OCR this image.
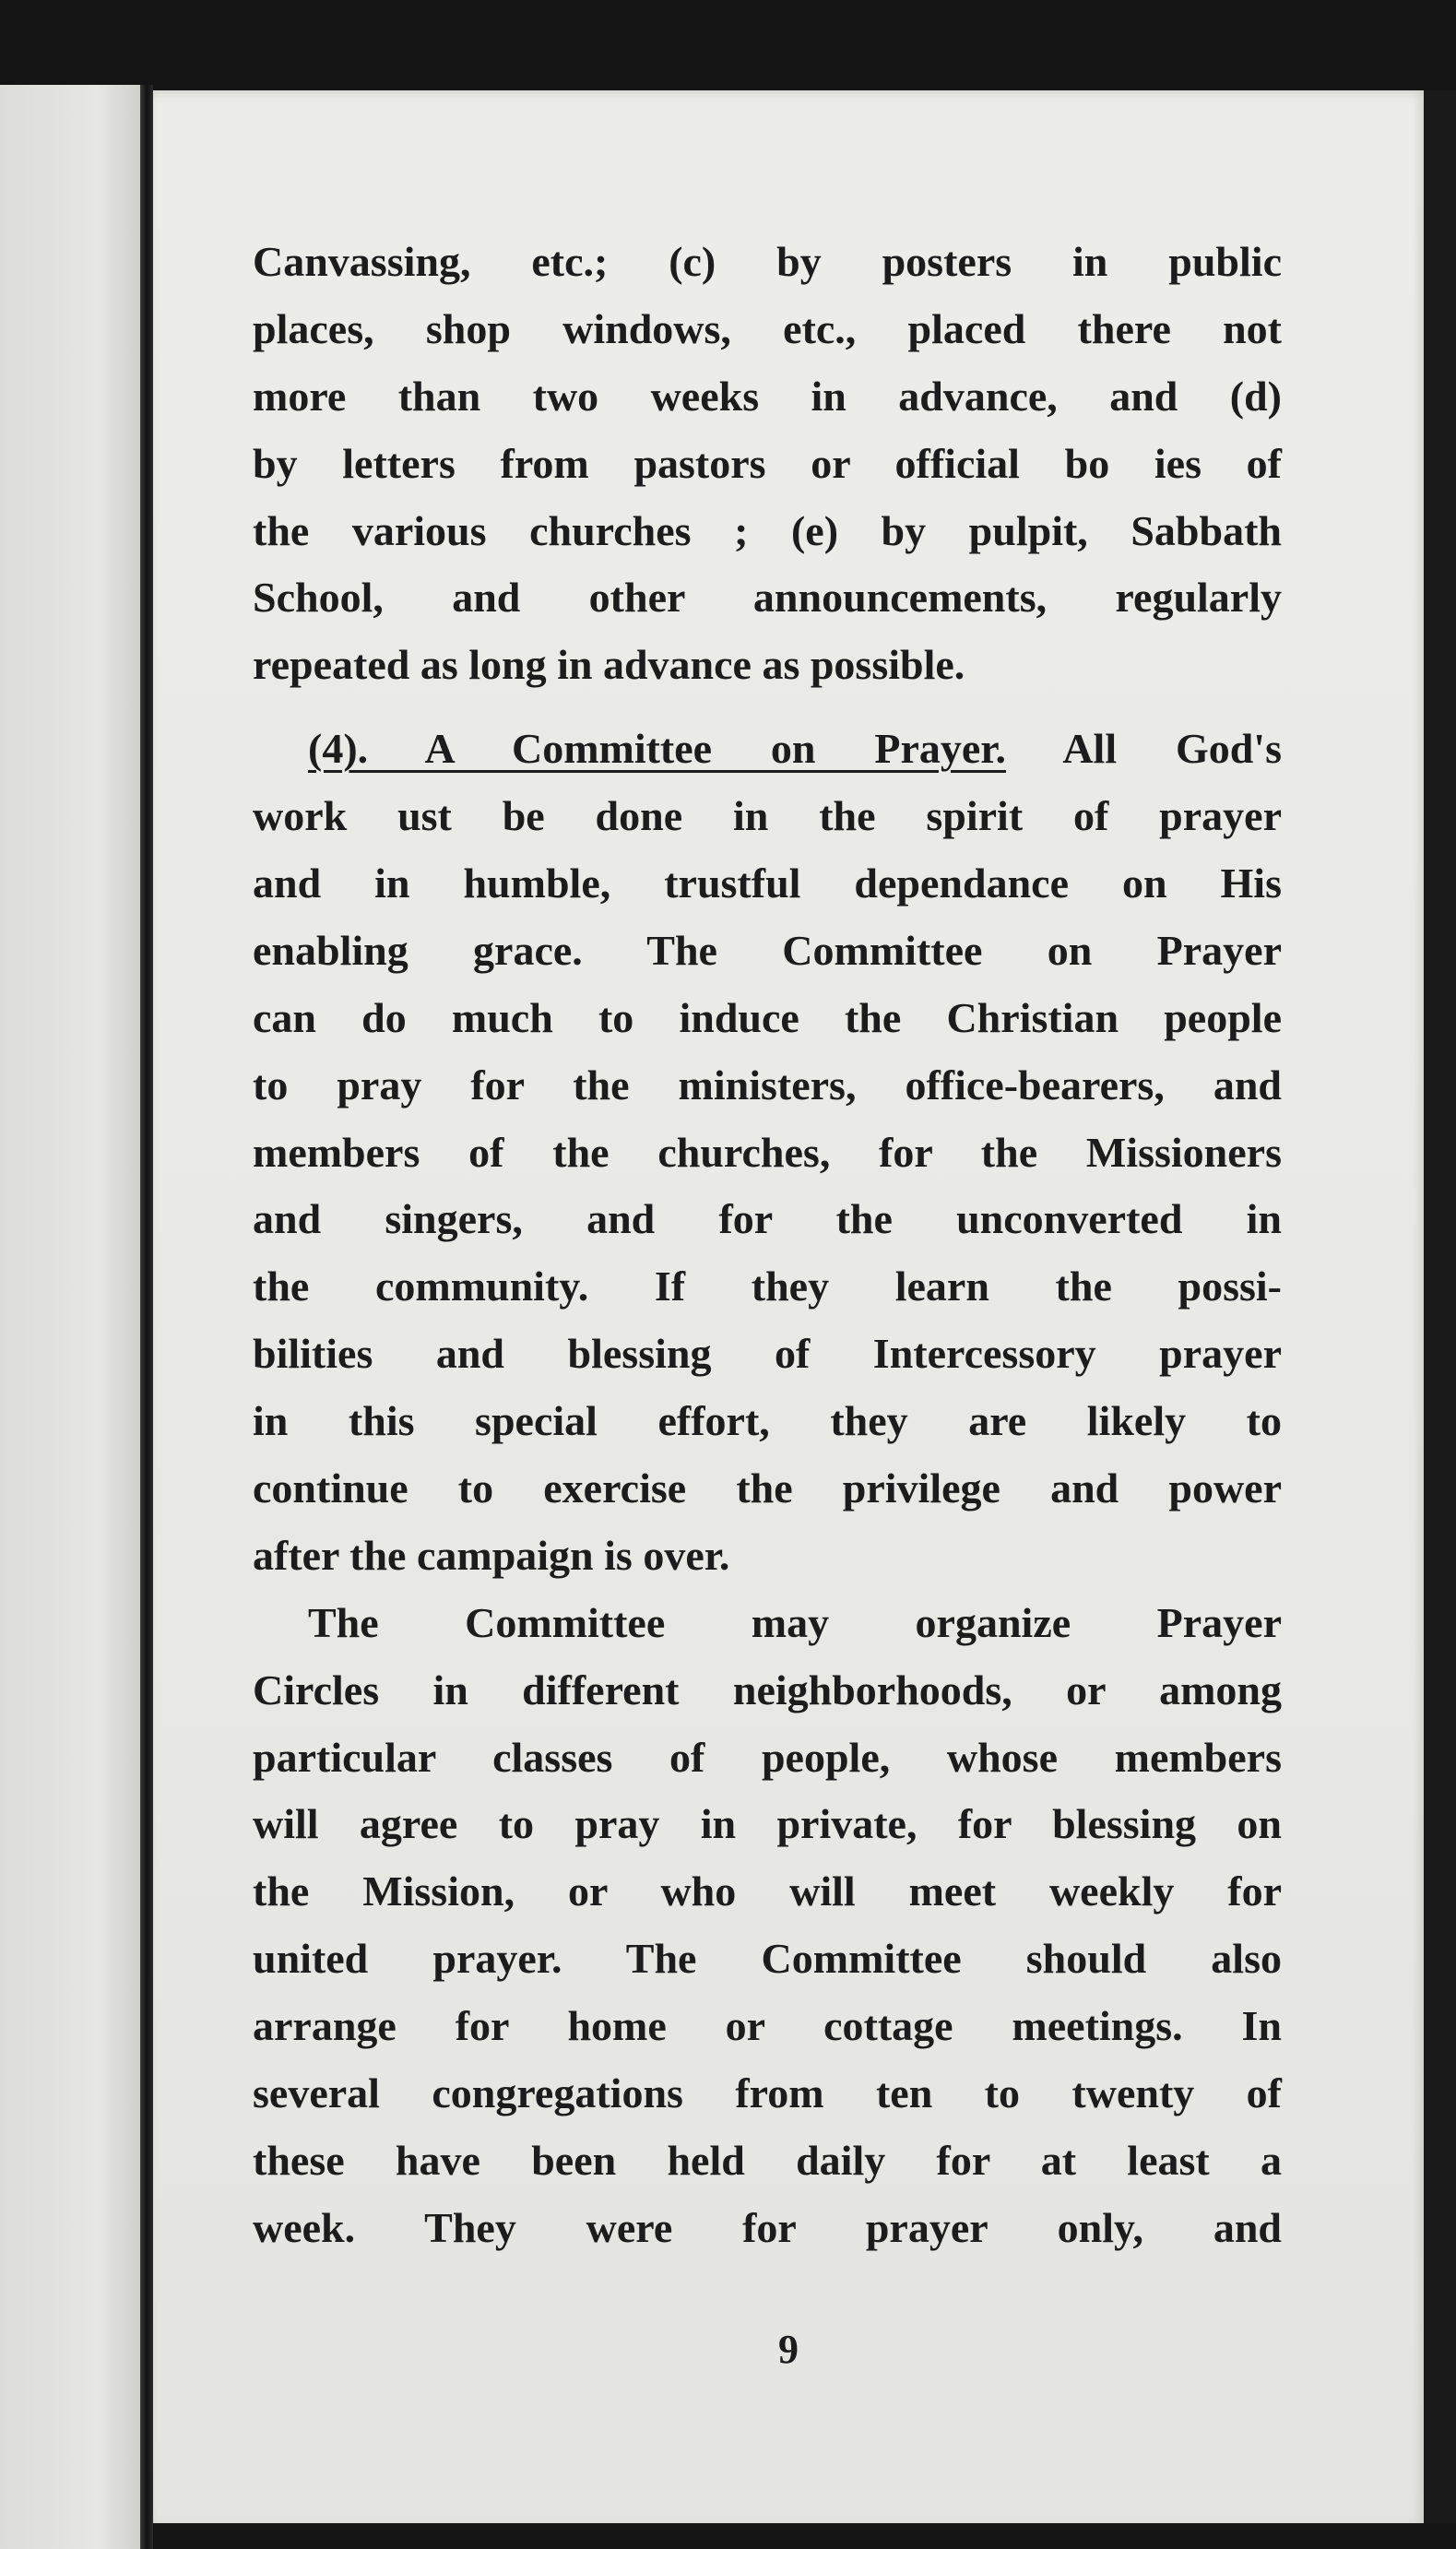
Canvassing, etc.; (c) by posters in public
places, shop windows, etc., placed there not
more than two weeks in advance, and (d)
by letters from pastors or official bo ies of
the various churches ; (e) by pulpit, Sabbath
School, and other announcements, regularly
repeated as long in advance as possible.
(4). A Committee on Prayer. All God's
work ust be done in the spirit of prayer
and in humble, trustful dependance on His
enabling grace. The Committee on Prayer
can do much to induce the Christian people
to pray for the ministers, office-bearers, and
members of the churches, for the Missioners
and singers, and for the unconverted in
the community. If they learn the possi-
bilities and blessing of Intercessory prayer
in this special effort, they are likely to
continue to exercise the privilege and power
after the campaign is over.
The Committee may organize Prayer
Circles in different neighborhoods, or among
particular classes of people, whose members
will agree to pray in private, for blessing on
the Mission, or who will meet weekly for
united prayer. The Committee should also
arrange for home or cottage meetings. In
several congregations from ten to twenty of
these have been held daily for at least a
week. They were for prayer only, and
9
